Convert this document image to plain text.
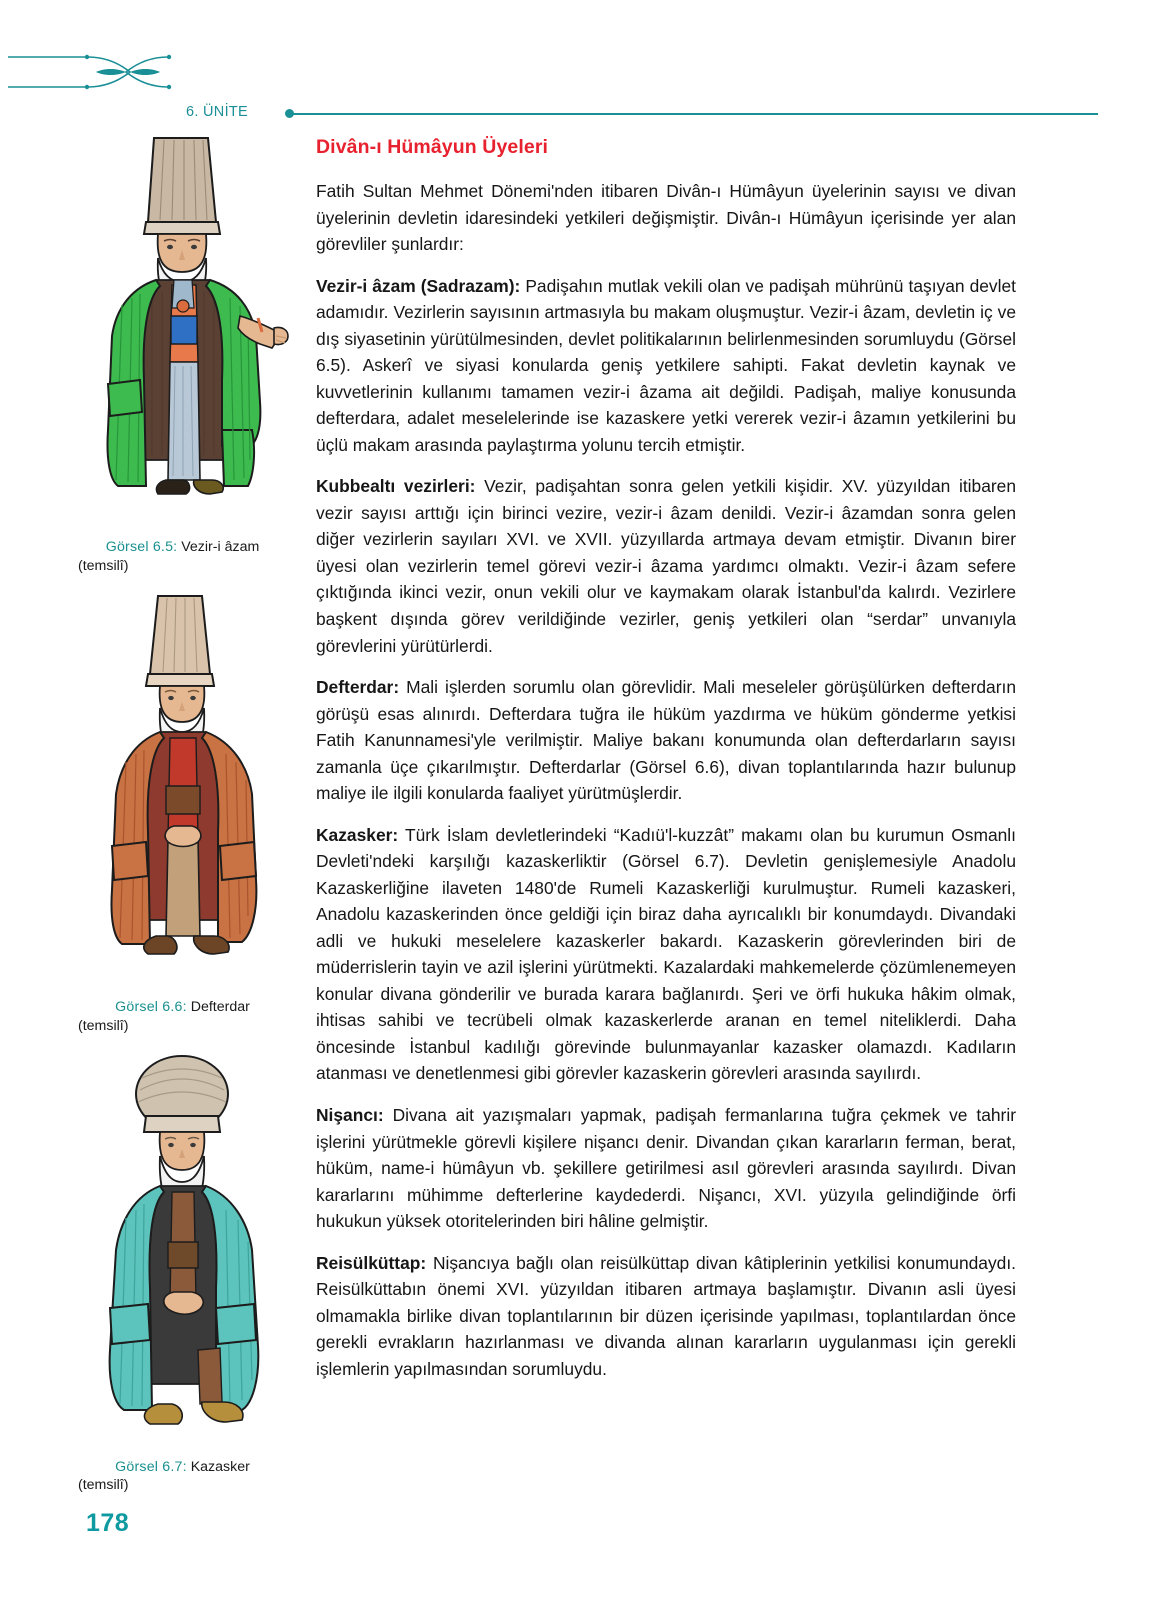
6. ÜNİTE
Görsel 6.5: Vezir-i âzam
(temsilî)
Görsel 6.6: Defterdar
(temsilî)
Görsel 6.7: Kazasker
(temsilî)
Divân-ı Hümâyun Üyeleri
Fatih Sultan Mehmet Dönemi'nden itibaren Divân-ı Hümâyun üyelerinin sayısı ve divan üyelerinin devletin idaresindeki yetkileri değişmiştir. Divân-ı Hümâyun içerisinde yer alan görevliler şunlardır:
Vezir-i âzam (Sadrazam): Padişahın mutlak vekili olan ve padişah mührünü taşıyan devlet adamıdır. Vezirlerin sayısının artmasıyla bu makam oluşmuştur. Vezir-i âzam, devletin iç ve dış siyasetinin yürütülmesinden, devlet politikalarının belirlenmesinden sorumluydu (Görsel 6.5). Askerî ve siyasi konularda geniş yetkilere sahipti. Fakat devletin kaynak ve kuvvetlerinin kullanımı tamamen vezir-i âzama ait değildi. Padişah, maliye konusunda defterdara, adalet meselelerinde ise kazaskere yetki vererek vezir-i âzamın yetkilerini bu üçlü makam arasında paylaştırma yolunu tercih etmiştir.
Kubbealtı vezirleri: Vezir, padişahtan sonra gelen yetkili kişidir. XV. yüzyıldan itibaren vezir sayısı arttığı için birinci vezire, vezir-i âzam denildi. Vezir-i âzamdan sonra gelen diğer vezirlerin sayıları XVI. ve XVII. yüzyıllarda artmaya devam etmiştir. Divanın birer üyesi olan vezirlerin temel görevi vezir-i âzama yardımcı olmaktı. Vezir-i âzam sefere çıktığında ikinci vezir, onun vekili olur ve kaymakam olarak İstanbul'da kalırdı. Vezirlere başkent dışında görev verildiğinde vezirler, geniş yetkileri olan “serdar” unvanıyla görevlerini yürütürlerdi.
Defterdar: Mali işlerden sorumlu olan görevlidir. Mali meseleler görüşülürken defterdarın görüşü esas alınırdı. Defterdara tuğra ile hüküm yazdırma ve hüküm gönderme yetkisi Fatih Kanunnamesi'yle verilmiştir. Maliye bakanı konumunda olan defterdarların sayısı zamanla üçe çıkarılmıştır. Defterdarlar (Görsel 6.6), divan toplantılarında hazır bulunup maliye ile ilgili konularda faaliyet yürütmüşlerdir.
Kazasker: Türk İslam devletlerindeki “Kadıü'l-kuzzât” makamı olan bu kurumun Osmanlı Devleti'ndeki karşılığı kazaskerliktir (Görsel 6.7). Devletin genişlemesiyle Anadolu Kazaskerliğine ilaveten 1480'de Rumeli Kazaskerliği kurulmuştur. Rumeli kazaskeri, Anadolu kazaskerinden önce geldiği için biraz daha ayrıcalıklı bir konumdaydı. Divandaki adli ve hukuki meselelere kazaskerler bakardı. Kazaskerin görevlerinden biri de müderrislerin tayin ve azil işlerini yürütmekti. Kazalardaki mahkemelerde çözümlenemeyen konular divana gönderilir ve burada karara bağlanırdı. Şeri ve örfi hukuka hâkim olmak, ihtisas sahibi ve tecrübeli olmak kazaskerlerde aranan en temel niteliklerdi. Daha öncesinde İstanbul kadılığı görevinde bulunmayanlar kazasker olamazdı. Kadıların atanması ve denetlenmesi gibi görevler kazaskerin görevleri arasında sayılırdı.
Nişancı: Divana ait yazışmaları yapmak, padişah fermanlarına tuğra çekmek ve tahrir işlerini yürütmekle görevli kişilere nişancı denir. Divandan çıkan kararların ferman, berat, hüküm, name-i hümâyun vb. şekillere getirilmesi asıl görevleri arasında sayılırdı. Divan kararlarını mühimme defterlerine kaydederdi. Nişancı, XVI. yüzyıla gelindiğinde örfi hukukun yüksek otoritelerinden biri hâline gelmiştir.
Reisülküttap: Nişancıya bağlı olan reisülküttap divan kâtiplerinin yetkilisi konumundaydı. Reisülküttabın önemi XVI. yüzyıldan itibaren artmaya başlamıştır. Divanın asli üyesi olmamakla birlike divan toplantılarının bir düzen içerisinde yapılması, toplantılardan önce gerekli evrakların hazırlanması ve divanda alınan kararların uygulanması için gerekli işlemlerin yapılmasından sorumluydu.
178
